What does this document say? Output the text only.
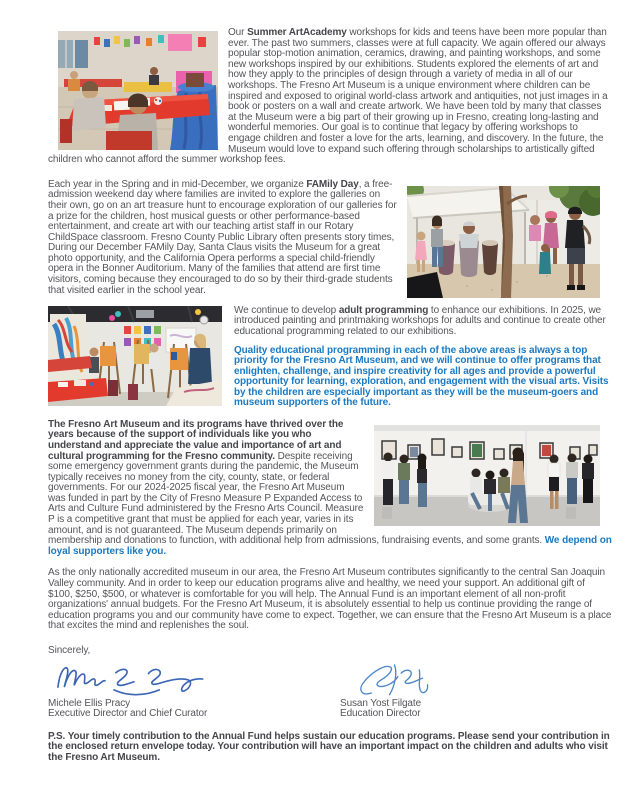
Our Summer ArtAcademy workshops for kids and teens have been more popular than ever. The past two summers, classes were at full capacity. We again offered our always popular stop-motion animation, ceramics, drawing, and painting workshops, and some new workshops inspired by our exhibitions. Students explored the elements of art and how they apply to the principles of design through a variety of media in all of our workshops. The Fresno Art Museum is a unique environment where children can be inspired and exposed to original world-class artwork and antiquities, not just images in a book or posters on a wall and create artwork. We have been told by many that classes at the Museum were a big part of their growing up in Fresno, creating long-lasting and wonderful memories. Our goal is to continue that legacy by offering workshops to engage children and foster a love for the arts, learning, and discovery. In the future, the Museum would love to expand such offering through scholarships to artistically gifted children who cannot afford the summer workshop fees.

Each year in the Spring and in mid-December, we organize FAMily Day, a free-admission weekend day where families are invited to explore the galleries on their own, go on an art treasure hunt to encourage exploration of our galleries for a prize for the children, host musical guests or other performance-based entertainment, and create art with our teaching artist staff in our Rotary ChildSpace classroom. Fresno County Public Library often presents story times, During our December FAMily Day, Santa Claus visits the Museum for a great photo opportunity, and the California Opera performs a special child-friendly opera in the Bonner Auditorium. Many of the families that attend are first time visitors, coming because they encouraged to do so by their third-grade students that visited earlier in the school year.

We continue to develop adult programming to enhance our exhibitions. In 2025, we introduced painting and printmaking workshops for adults and continue to create other educational programming related to our exhibitions.

Quality educational programming in each of the above areas is always a top priority for the Fresno Art Museum, and we will continue to offer programs that enlighten, challenge, and inspire creativity for all ages and provide a powerful opportunity for learning, exploration, and engagement with the visual arts. Visits by the children are especially important as they will be the museum-goers and museum supporters of the future.

The Fresno Art Museum and its programs have thrived over the years because of the support of individuals like you who understand and appreciate the value and importance of art and cultural programming for the Fresno community. Despite receiving some emergency government grants during the pandemic, the Museum typically receives no money from the city, county, state, or federal governments. For our 2024-2025 fiscal year, the Fresno Art Museum was funded in part by the City of Fresno Measure P Expanded Access to Arts and Culture Fund administered by the Fresno Arts Council. Measure P is a competitive grant that must be applied for each year, varies in its amount, and is not guaranteed. The Museum depends primarily on membership and donations to function, with additional help from admissions, fundraising events, and some grants. We depend on loyal supporters like you.

As the only nationally accredited museum in our area, the Fresno Art Museum contributes significantly to the central San Joaquin Valley community. And in order to keep our education programs alive and healthy, we need your support. An additional gift of $100, $250, $500, or whatever is comfortable for you will help. The Annual Fund is an important element of all non-profit organizations' annual budgets. For the Fresno Art Museum, it is absolutely essential to help us continue providing the range of education programs you and our community have come to expect. Together, we can ensure that the Fresno Art Museum is a place that excites the mind and replenishes the soul.

Sincerely,

Michele Ellis Pracy
Executive Director and Chief Curator
Susan Yost Filgate
Education Director

P.S. Your timely contribution to the Annual Fund helps sustain our education programs. Please send your contribution in the enclosed return envelope today. Your contribution will have an important impact on the children and adults who visit the Fresno Art Museum.
